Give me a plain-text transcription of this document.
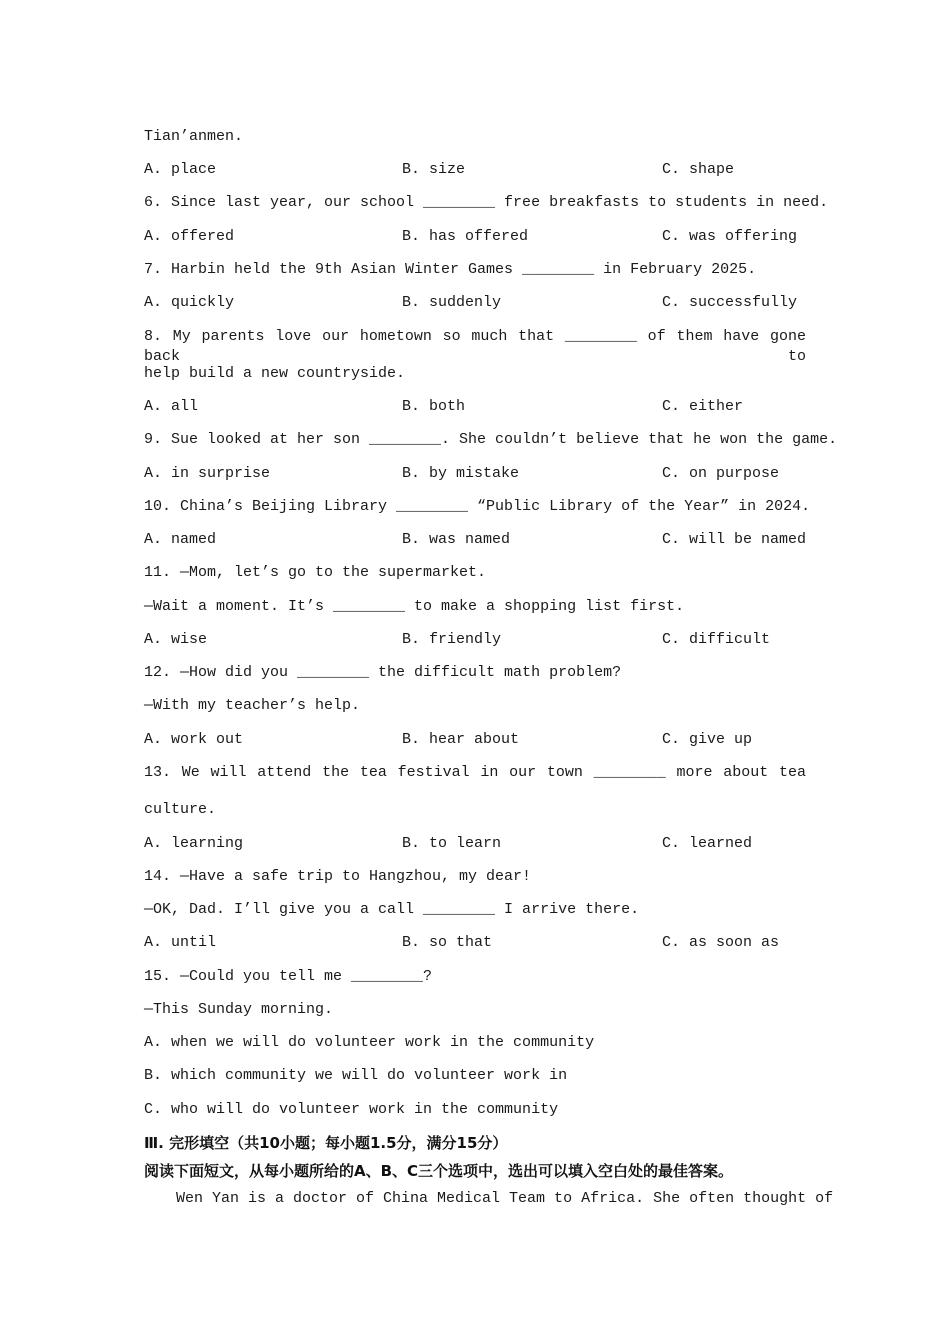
Tian’anmen.
A. place	B. size	C. shape
6. Since last year, our school ________ free breakfasts to students in need.
A. offered	B. has offered	C. was offering
7. Harbin held the 9th Asian Winter Games ________ in February 2025.
A. quickly	B. suddenly	C. successfully
8. My parents love our hometown so much that ________ of them have gone back to
help build a new countryside.
A. all	B. both	C. either
9. Sue looked at her son ________. She couldn’t believe that he won the game.
A. in surprise	B. by mistake	C. on purpose
10. China’s Beijing Library ________ “Public Library of the Year” in 2024.
A. named	B. was named	C. will be named
11. —Mom, let’s go to the supermarket.
—Wait a moment. It’s ________ to make a shopping list first.
A. wise	B. friendly	C. difficult
12. —How did you ________ the difficult math problem?
—With my teacher’s help.
A. work out	B. hear about	C. give up
13. We will attend the tea festival in our town ________ more about tea
culture.
A. learning	B. to learn	C. learned
14. —Have a safe trip to Hangzhou, my dear!
—OK, Dad. I’ll give you a call ________ I arrive there.
A. until	B. so that	C. as soon as
15. —Could you tell me ________?
—This Sunday morning.
A. when we will do volunteer work in the community
B. which community we will do volunteer work in
C. who will do volunteer work in the community
Ⅲ. 完形填空（共10小题；每小题1.5分，满分15分）
阅读下面短文，从每小题所给的A、B、C三个选项中，选出可以填入空白处的最佳答案。
Wen Yan is a doctor of China Medical Team to Africa. She often thought of
